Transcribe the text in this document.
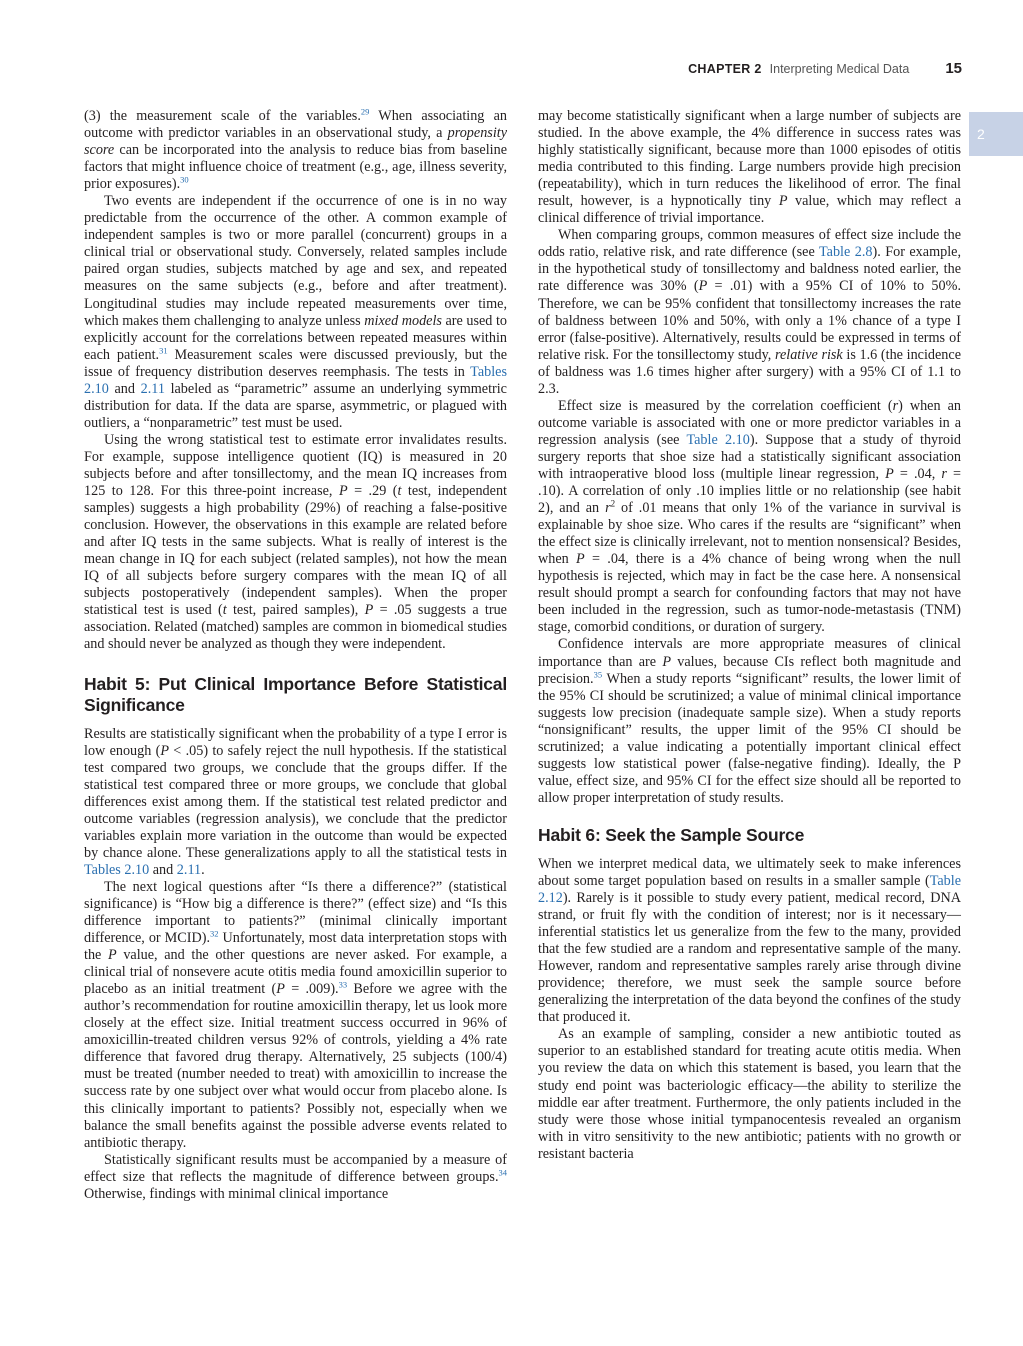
CHAPTER 2 Interpreting Medical Data 15
2

(3) the measurement scale of the variables.$^{29}$ When associating an outcome with predictor variables in an observational study, a propensity score can be incorporated into the analysis to reduce bias from baseline factors that might influence choice of treatment (e.g., age, illness severity, prior exposures).$^{30}$

Two events are independent if the occurrence of one is in no way predictable from the occurrence of the other. A common example of independent samples is two or more parallel (concurrent) groups in a clinical trial or observational study. Conversely, related samples include paired organ studies, subjects matched by age and sex, and repeated measures on the same subjects (e.g., before and after treatment). Longitudinal studies may include repeated measurements over time, which makes them challenging to analyze unless mixed models are used to explicitly account for the correlations between repeated measures within each patient.$^{31}$ Measurement scales were discussed previously, but the issue of frequency distribution deserves reemphasis. The tests in Tables 2.10 and 2.11 labeled as “parametric” assume an underlying symmetric distribution for data. If the data are sparse, asymmetric, or plagued with outliers, a “nonparametric” test must be used.

Using the wrong statistical test to estimate error invalidates results. For example, suppose intelligence quotient (IQ) is measured in 20 subjects before and after tonsillectomy, and the mean IQ increases from 125 to 128. For this three-point increase, P = .29 (t test, independent samples) suggests a high probability (29%) of reaching a false-positive conclusion. However, the observations in this example are related before and after IQ tests in the same subjects. What is really of interest is the mean change in IQ for each subject (related samples), not how the mean IQ of all subjects before surgery compares with the mean IQ of all subjects postoperatively (independent samples). When the proper statistical test is used (t test, paired samples), P = .05 suggests a true association. Related (matched) samples are common in biomedical studies and should never be analyzed as though they were independent.

Habit 5: Put Clinical Importance Before Statistical Significance

Results are statistically significant when the probability of a type I error is low enough (P < .05) to safely reject the null hypothesis. If the statistical test compared two groups, we conclude that the groups differ. If the statistical test compared three or more groups, we conclude that global differences exist among them. If the statistical test related predictor and outcome variables (regression analysis), we conclude that the predictor variables explain more variation in the outcome than would be expected by chance alone. These generalizations apply to all the statistical tests in Tables 2.10 and 2.11.

The next logical questions after “Is there a difference?” (statistical significance) is “How big a difference is there?” (effect size) and “Is this difference important to patients?” (minimal clinically important difference, or MCID).$^{32}$ Unfortunately, most data interpretation stops with the P value, and the other questions are never asked. For example, a clinical trial of nonsevere acute otitis media found amoxicillin superior to placebo as an initial treatment (P = .009).$^{33}$ Before we agree with the author’s recommendation for routine amoxicillin therapy, let us look more closely at the effect size. Initial treatment success occurred in 96% of amoxicillin-treated children versus 92% of controls, yielding a 4% rate difference that favored drug therapy. Alternatively, 25 subjects (100/4) must be treated (number needed to treat) with amoxicillin to increase the success rate by one subject over what would occur from placebo alone. Is this clinically important to patients? Possibly not, especially when we balance the small benefits against the possible adverse events related to antibiotic therapy.

Statistically significant results must be accompanied by a measure of effect size that reflects the magnitude of difference between groups.$^{34}$ Otherwise, findings with minimal clinical importance

may become statistically significant when a large number of subjects are studied. In the above example, the 4% difference in success rates was highly statistically significant, because more than 1000 episodes of otitis media contributed to this finding. Large numbers provide high precision (repeatability), which in turn reduces the likelihood of error. The final result, however, is a hypnotically tiny P value, which may reflect a clinical difference of trivial importance.

When comparing groups, common measures of effect size include the odds ratio, relative risk, and rate difference (see Table 2.8). For example, in the hypothetical study of tonsillectomy and baldness noted earlier, the rate difference was 30% (P = .01) with a 95% CI of 10% to 50%. Therefore, we can be 95% confident that tonsillectomy increases the rate of baldness between 10% and 50%, with only a 1% chance of a type I error (false-positive). Alternatively, results could be expressed in terms of relative risk. For the tonsillectomy study, relative risk is 1.6 (the incidence of baldness was 1.6 times higher after surgery) with a 95% CI of 1.1 to 2.3.

Effect size is measured by the correlation coefficient (r) when an outcome variable is associated with one or more predictor variables in a regression analysis (see Table 2.10). Suppose that a study of thyroid surgery reports that shoe size had a statistically significant association with intraoperative blood loss (multiple linear regression, P = .04, r = .10). A correlation of only .10 implies little or no relationship (see habit 2), and an $r^2$ of .01 means that only 1% of the variance in survival is explainable by shoe size. Who cares if the results are “significant” when the effect size is clinically irrelevant, not to mention nonsensical? Besides, when P = .04, there is a 4% chance of being wrong when the null hypothesis is rejected, which may in fact be the case here. A nonsensical result should prompt a search for confounding factors that may not have been included in the regression, such as tumor-node-metastasis (TNM) stage, comorbid conditions, or duration of surgery.

Confidence intervals are more appropriate measures of clinical importance than are P values, because CIs reflect both magnitude and precision.$^{35}$ When a study reports “significant” results, the lower limit of the 95% CI should be scrutinized; a value of minimal clinical importance suggests low precision (inadequate sample size). When a study reports “nonsignificant” results, the upper limit of the 95% CI should be scrutinized; a value indicating a potentially important clinical effect suggests low statistical power (false-negative finding). Ideally, the P value, effect size, and 95% CI for the effect size should all be reported to allow proper interpretation of study results.

Habit 6: Seek the Sample Source

When we interpret medical data, we ultimately seek to make inferences about some target population based on results in a smaller sample (Table 2.12). Rarely is it possible to study every patient, medical record, DNA strand, or fruit fly with the condition of interest; nor is it necessary—inferential statistics let us generalize from the few to the many, provided that the few studied are a random and representative sample of the many. However, random and representative samples rarely arise through divine providence; therefore, we must seek the sample source before generalizing the interpretation of the data beyond the confines of the study that produced it.

As an example of sampling, consider a new antibiotic touted as superior to an established standard for treating acute otitis media. When you review the data on which this statement is based, you learn that the study end point was bacteriologic efficacy—the ability to sterilize the middle ear after treatment. Furthermore, the only patients included in the study were those whose initial tympanocentesis revealed an organism with in vitro sensitivity to the new antibiotic; patients with no growth or resistant bacteria
